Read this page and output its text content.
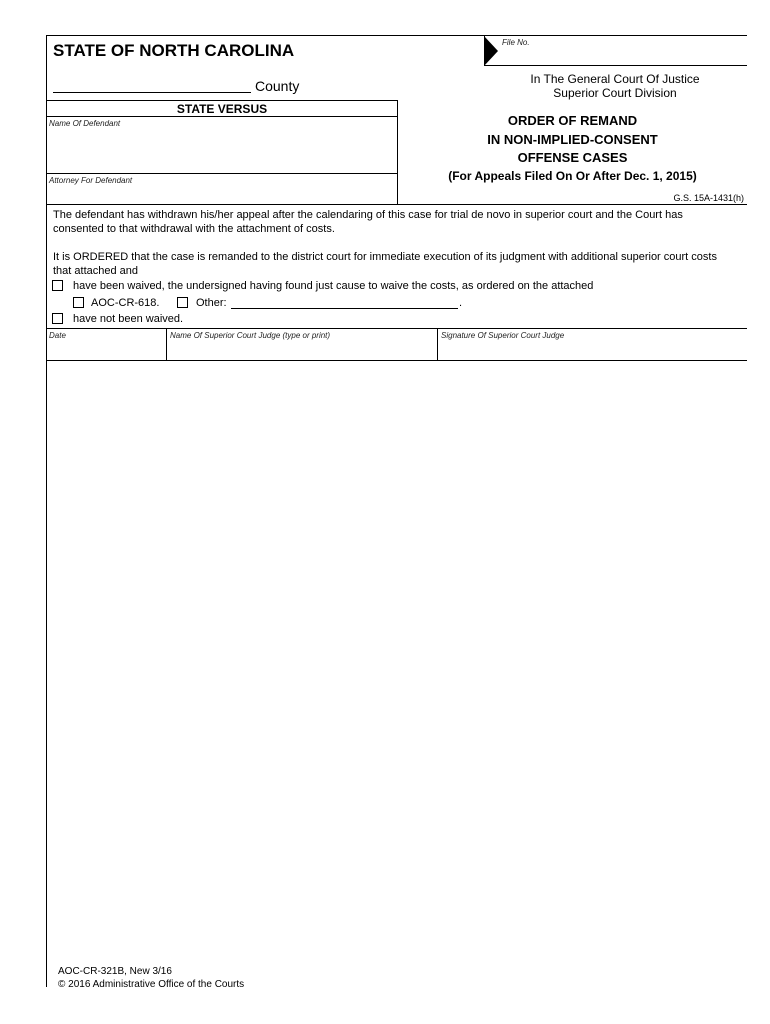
STATE OF NORTH CAROLINA
County
File No.
In The General Court Of Justice
Superior Court Division
STATE VERSUS
Name Of Defendant
Attorney For Defendant
ORDER OF REMAND
IN NON-IMPLIED-CONSENT
OFFENSE CASES
(For Appeals Filed On Or After Dec. 1, 2015)
G.S. 15A-1431(h)
The defendant has withdrawn his/her appeal after the calendaring of this case for trial de novo in superior court and the Court has
consented to that withdrawal with the attachment of costs.
It is ORDERED that the case is remanded to the district court for immediate execution of its judgment with additional superior court costs
that attached and
have been waived, the undersigned having found just cause to waive the costs, as ordered on the attached
AOC-CR-618.	Other:	.
have not been waived.
Date	Name Of Superior Court Judge (type or print)	Signature Of Superior Court Judge
AOC-CR-321B, New 3/16
© 2016 Administrative Office of the Courts
